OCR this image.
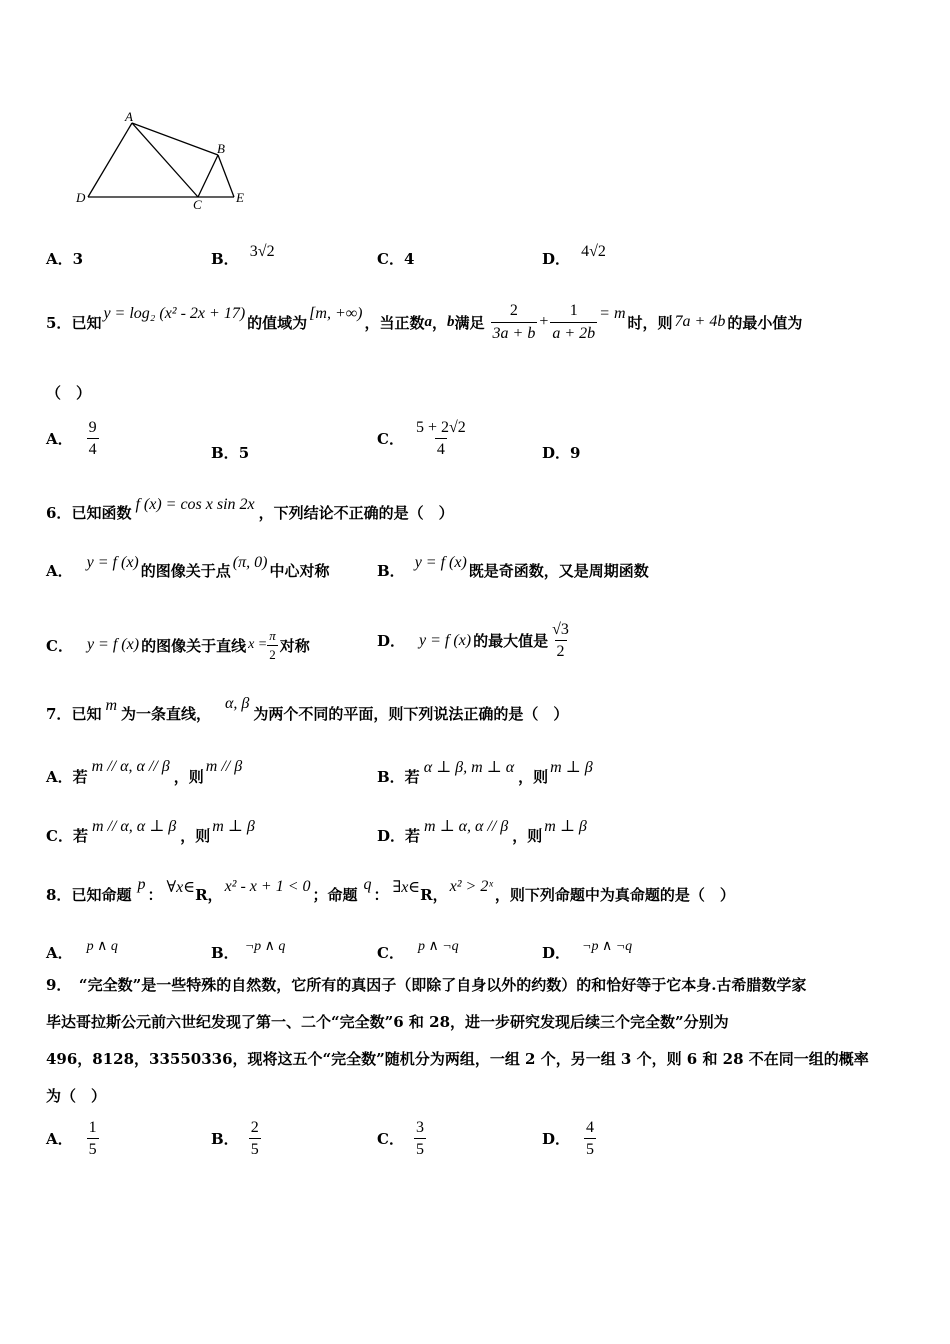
A
B
C
D	E
A．3	B． 3√2	C．4	D． 4√2
5． 已知 y = log₂ (x² - 2x + 17) 的值域为 [m, +∞) ，当正数 a ， b 满足 $\frac{2}{3a + b} + \frac{1}{a + 2b} = m$ 时，则 7a + 4b 的最小值为
（　）
A． $\frac{9}{4}$	B．5
C． $\frac{5 + 2√2}{4}$	D．9
6． 已知函数 f (x) = cos x sin 2x ，下列结论不正确的是（　）
A． y = f (x) 的图像关于点 (π, 0) 中心对称	B． y = f (x) 既是奇函数，又是周期函数
C． y = f (x) 的图像关于直线 $x = \frac{\pi}{2}$ 对称	D． y = f (x) 的最大值是 $\frac{√3}{2}$
7． 已知 m 为一条直线，
α, β
为两个不同的平面，则下列说法正确的是（　）
A．若
m // α, α // β
，则
m // β
B．若
α ⊥ β, m ⊥ α
，则
m ⊥ β
C．若
m // α, α ⊥ β
，则
m ⊥ β
D．若
m ⊥ α, α // β
，则
m ⊥ β
8． 已知命题
p
： ∀x∈ R ， x² - x + 1 < 0 ；命题
q
： ∃x∈ R ， x² > 2ˣ ，则下列命题中为真命题的是（　）
A． p ∧ q	B． ¬p ∧ q	C． p ∧ ¬q	D． ¬p ∧ ¬q
9．　“完全数”是一些特殊的自然数，它所有的真因子（即除了自身以外的约数）的和恰好等于它本身.古希腊数学家
毕达哥拉斯公元前六世纪发现了第一、二个“完全数”6 和 28，进一步研究发现后续三个完全数”分别为
496，8128，33550336，现将这五个“完全数”随机分为两组，一组 2 个，另一组 3 个，则 6 和 28 不在同一组的概率
为（　）
A． $\frac{1}{5}$	B． $\frac{2}{5}$	C． $\frac{3}{5}$	D． $\frac{4}{5}$
